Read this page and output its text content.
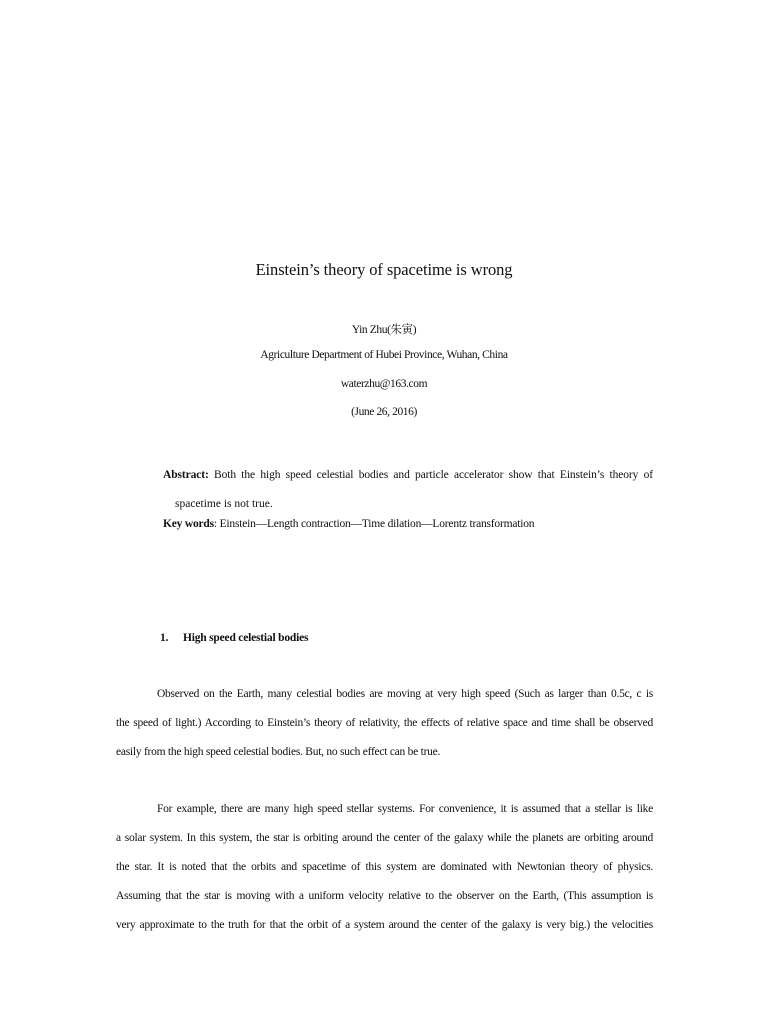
Einstein’s theory of spacetime is wrong
Yin Zhu(朱寅)
Agriculture Department of Hubei Province, Wuhan, China
waterzhu@163.com
(June 26, 2016)
Abstract: Both the high speed celestial bodies and particle accelerator show that Einstein’s theory of
spacetime is not true.
Key words: Einstein—Length contraction—Time dilation—Lorentz transformation
1. High speed celestial bodies
Observed on the Earth, many celestial bodies are moving at very high speed (Such as larger than 0.5c, c is
the speed of light.) According to Einstein’s theory of relativity, the effects of relative space and time shall be observed
easily from the high speed celestial bodies. But, no such effect can be true.
For example, there are many high speed stellar systems. For convenience, it is assumed that a stellar is like
a solar system. In this system, the star is orbiting around the center of the galaxy while the planets are orbiting around
the star. It is noted that the orbits and spacetime of this system are dominated with Newtonian theory of physics.
Assuming that the star is moving with a uniform velocity relative to the observer on the Earth, (This assumption is
very approximate to the truth for that the orbit of a system around the center of the galaxy is very big.) the velocities
